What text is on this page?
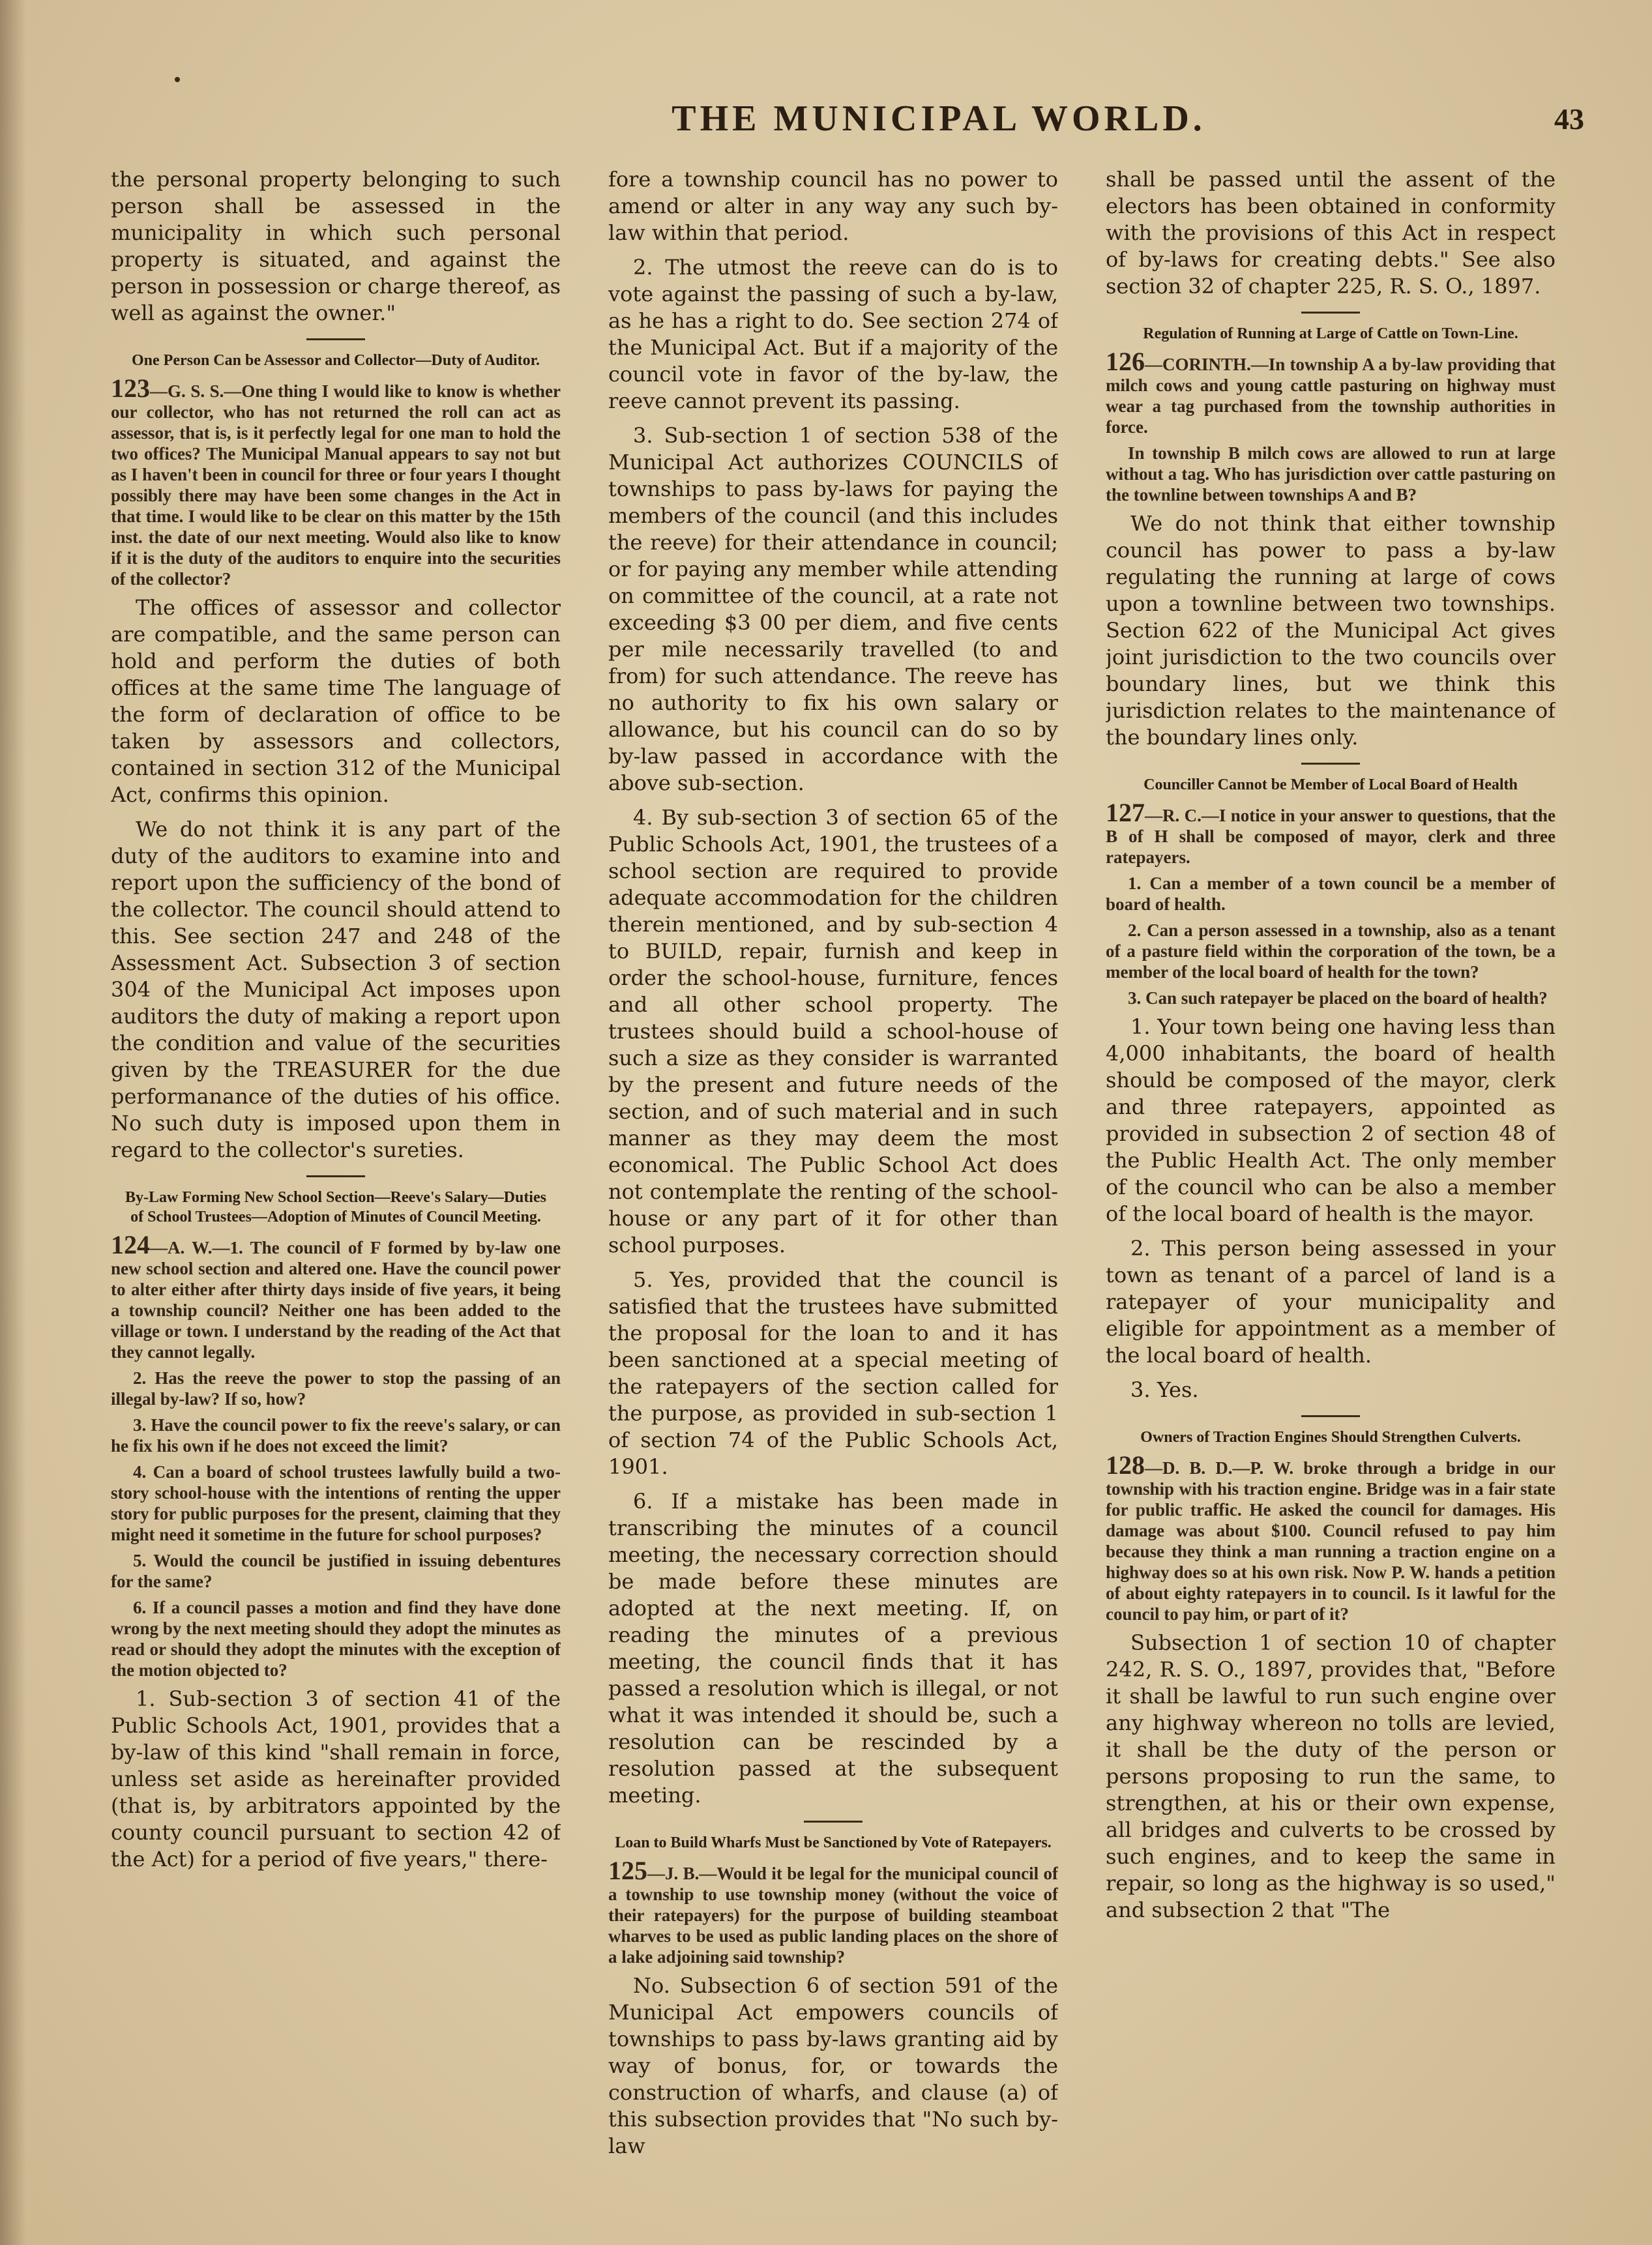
THE MUNICIPAL WORLD.	43

the personal property belonging to such person shall be assessed in the municipality in which such personal property is situated, and against the person in possession or charge thereof, as well as against the owner."

One Person Can be Assessor and Collector—Duty of Auditor.

123—G. S. S.—One thing I would like to know is whether our collector, who has not returned the roll can act as assessor, that is, is it perfectly legal for one man to hold the two offices? The Municipal Manual appears to say not but as I haven't been in council for three or four years I thought possibly there may have been some changes in the Act in that time. I would like to be clear on this matter by the 15th inst. the date of our next meeting. Would also like to know if it is the duty of the auditors to enquire into the securities of the collector?

The offices of assessor and collector are compatible, and the same person can hold and perform the duties of both offices at the same time The language of the form of declaration of office to be taken by assessors and collectors, contained in section 312 of the Municipal Act, confirms this opinion.

We do not think it is any part of the duty of the auditors to examine into and report upon the sufficiency of the bond of the collector. The council should attend to this. See section 247 and 248 of the Assessment Act. Subsection 3 of section 304 of the Municipal Act imposes upon auditors the duty of making a report upon the condition and value of the securities given by the TREASURER for the due performanance of the duties of his office. No such duty is imposed upon them in regard to the collector's sureties.

By-Law Forming New School Section—Reeve's Salary—Duties of School Trustees—Adoption of Minutes of Council Meeting.

124—A. W.—1. The council of F formed by by-law one new school section and altered one. Have the council power to alter either after thirty days inside of five years, it being a township council? Neither one has been added to the village or town. I understand by the reading of the Act that they cannot legally.

2. Has the reeve the power to stop the passing of an illegal by-law? If so, how?

3. Have the council power to fix the reeve's salary, or can he fix his own if he does not exceed the limit?

4. Can a board of school trustees lawfully build a two-story school-house with the intentions of renting the upper story for public purposes for the present, claiming that they might need it sometime in the future for school purposes?

5. Would the council be justified in issuing debentures for the same?

6. If a council passes a motion and find they have done wrong by the next meeting should they adopt the minutes as read or should they adopt the minutes with the exception of the motion objected to?

1. Sub-section 3 of section 41 of the Public Schools Act, 1901, provides that a by-law of this kind "shall remain in force, unless set aside as hereinafter provided (that is, by arbitrators appointed by the county council pursuant to section 42 of the Act) for a period of five years," there-

fore a township council has no power to amend or alter in any way any such by-law within that period.

2. The utmost the reeve can do is to vote against the passing of such a by-law, as he has a right to do. See section 274 of the Municipal Act. But if a majority of the council vote in favor of the by-law, the reeve cannot prevent its passing.

3. Sub-section 1 of section 538 of the Municipal Act authorizes COUNCILS of townships to pass by-laws for paying the members of the council (and this includes the reeve) for their attendance in council; or for paying any member while attending on committee of the council, at a rate not exceeding $3 00 per diem, and five cents per mile necessarily travelled (to and from) for such attendance. The reeve has no authority to fix his own salary or allowance, but his council can do so by by-law passed in accordance with the above sub-section.

4. By sub-section 3 of section 65 of the Public Schools Act, 1901, the trustees of a school section are required to provide adequate accommodation for the children therein mentioned, and by sub-section 4 to BUILD, repair, furnish and keep in order the school-house, furniture, fences and all other school property. The trustees should build a school-house of such a size as they consider is warranted by the present and future needs of the section, and of such material and in such manner as they may deem the most economical. The Public School Act does not contemplate the renting of the school-house or any part of it for other than school purposes.

5. Yes, provided that the council is satisfied that the trustees have submitted the proposal for the loan to and it has been sanctioned at a special meeting of the ratepayers of the section called for the purpose, as provided in sub-section 1 of section 74 of the Public Schools Act, 1901.

6. If a mistake has been made in transcribing the minutes of a council meeting, the necessary correction should be made before these minutes are adopted at the next meeting. If, on reading the minutes of a previous meeting, the council finds that it has passed a resolution which is illegal, or not what it was intended it should be, such a resolution can be rescinded by a resolution passed at the subsequent meeting.

Loan to Build Wharfs Must be Sanctioned by Vote of Ratepayers.

125—J. B.—Would it be legal for the municipal council of a township to use township money (without the voice of their ratepayers) for the purpose of building steamboat wharves to be used as public landing places on the shore of a lake adjoining said township?

No. Subsection 6 of section 591 of the Municipal Act empowers councils of townships to pass by-laws granting aid by way of bonus, for, or towards the construction of wharfs, and clause (a) of this subsection provides that "No such by-law

shall be passed until the assent of the electors has been obtained in conformity with the provisions of this Act in respect of by-laws for creating debts." See also section 32 of chapter 225, R. S. O., 1897.

Regulation of Running at Large of Cattle on Town-Line.

126—CORINTH.—In township A a by-law providing that milch cows and young cattle pasturing on highway must wear a tag purchased from the township authorities in force.

In township B milch cows are allowed to run at large without a tag. Who has jurisdiction over cattle pasturing on the townline between townships A and B?

We do not think that either township council has power to pass a by-law regulating the running at large of cows upon a townline between two townships. Section 622 of the Municipal Act gives joint jurisdiction to the two councils over boundary lines, but we think this jurisdiction relates to the maintenance of the boundary lines only.

Counciller Cannot be Member of Local Board of Health

127—R. C.—I notice in your answer to questions, that the B of H shall be composed of mayor, clerk and three ratepayers.

1. Can a member of a town council be a member of board of health.

2. Can a person assessed in a township, also as a tenant of a pasture field within the corporation of the town, be a member of the local board of health for the town?

3. Can such ratepayer be placed on the board of health?

1. Your town being one having less than 4,000 inhabitants, the board of health should be composed of the mayor, clerk and three ratepayers, appointed as provided in subsection 2 of section 48 of the Public Health Act. The only member of the council who can be also a member of the local board of health is the mayor.

2. This person being assessed in your town as tenant of a parcel of land is a ratepayer of your municipality and eligible for appointment as a member of the local board of health.

3. Yes.

Owners of Traction Engines Should Strengthen Culverts.

128—D. B. D.—P. W. broke through a bridge in our township with his traction engine. Bridge was in a fair state for public traffic. He asked the council for damages. His damage was about $100. Council refused to pay him because they think a man running a traction engine on a highway does so at his own risk. Now P. W. hands a petition of about eighty ratepayers in to council. Is it lawful for the council to pay him, or part of it?

Subsection 1 of section 10 of chapter 242, R. S. O., 1897, provides that, "Before it shall be lawful to run such engine over any highway whereon no tolls are levied, it shall be the duty of the person or persons proposing to run the same, to strengthen, at his or their own expense, all bridges and culverts to be crossed by such engines, and to keep the same in repair, so long as the highway is so used," and subsection 2 that "The
